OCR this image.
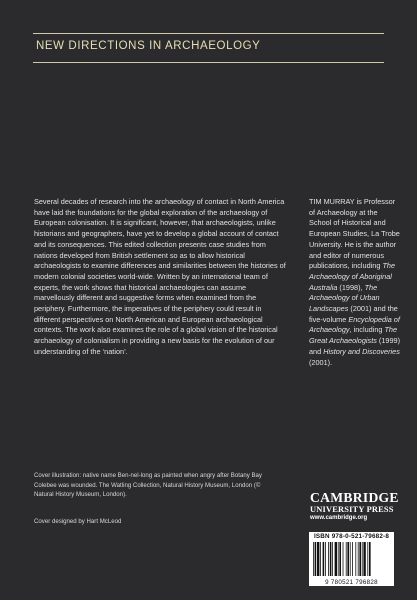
NEW DIRECTIONS IN ARCHAEOLOGY

Several decades of research into the archaeology of contact in North America have laid the foundations for the global exploration of the archaeology of European colonisation. It is significant, however, that archaeologists, unlike historians and geographers, have yet to develop a global account of contact and its consequences. This edited collection presents case studies from nations developed from British settlement so as to allow historical archaeologists to examine differences and similarities between the histories of modern colonial societies world-wide. Written by an international team of experts, the work shows that historical archaeologies can assume marvellously different and suggestive forms when examined from the periphery. Furthermore, the imperatives of the periphery could result in different perspectives on North American and European archaeological contexts. The work also examines the role of a global vision of the historical archaeology of colonialism in providing a new basis for the evolution of our understanding of the ‘nation’.

TIM MURRAY is Professor of Archaeology at the School of Historical and European Studies, La Trobe University. He is the author and editor of numerous publications, including The Archaeology of Aboriginal Australia (1998), The Archaeology of Urban Landscapes (2001) and the five-volume Encyclopedia of Archaeology, including The Great Archaeologists (1999) and History and Discoveries (2001).

Cover illustration: native name Ben-nel-long as painted when angry after Botany Bay Colebee was wounded. The Watling Collection, Natural History Museum, London (© Natural History Museum, London).
Cover designed by Hart McLeod
CAMBRIDGE
UNIVERSITY PRESS
www.cambridge.org
ISBN 978-0-521-79682-8
9 780521 796828
